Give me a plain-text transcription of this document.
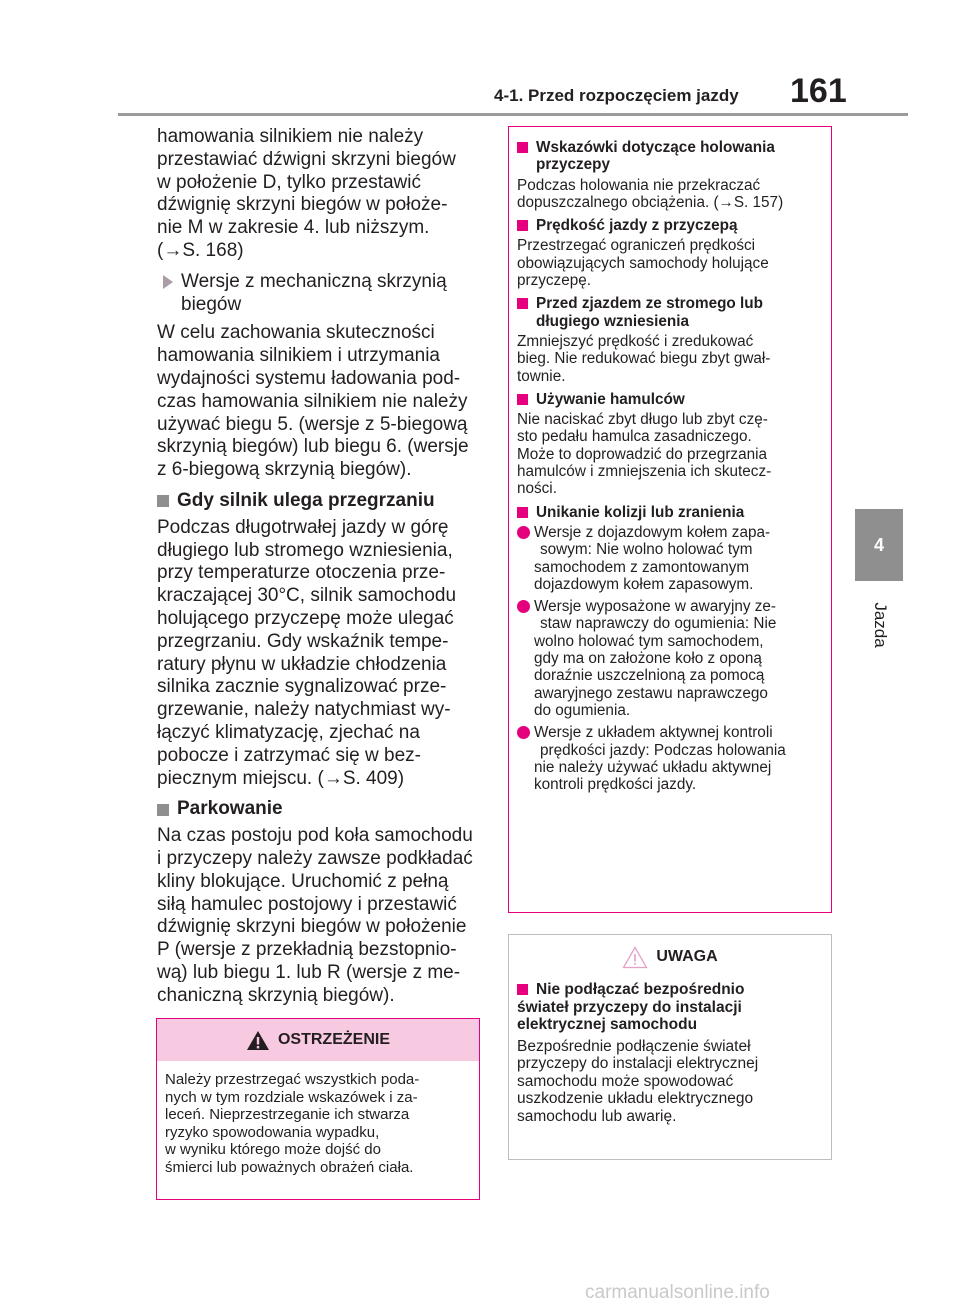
4-1. Przed rozpoczęciem jazdy 161
4
Jazda

hamowania silnikiem nie należy
przestawiać dźwigni skrzyni biegów
w położenie D, tylko przestawić
dźwignię skrzyni biegów w położe-
nie M w zakresie 4. lub niższym.
(→S. 168)

Wersje z mechaniczną skrzynią
biegów

W celu zachowania skuteczności
hamowania silnikiem i utrzymania
wydajności systemu ładowania pod-
czas hamowania silnikiem nie należy
używać biegu 5. (wersje z 5-biegową
skrzynią biegów) lub biegu 6. (wersje
z 6-biegową skrzynią biegów).

Gdy silnik ulega przegrzaniu

Podczas długotrwałej jazdy w górę
długiego lub stromego wzniesienia,
przy temperaturze otoczenia prze-
kraczającej 30°C, silnik samochodu
holującego przyczepę może ulegać
przegrzaniu. Gdy wskaźnik tempe-
ratury płynu w układzie chłodzenia
silnika zacznie sygnalizować prze-
grzewanie, należy natychmiast wy-
łączyć klimatyzację, zjechać na
pobocze i zatrzymać się w bez-
piecznym miejscu. (→S. 409)

Parkowanie

Na czas postoju pod koła samochodu
i przyczepy należy zawsze podkładać
kliny blokujące. Uruchomić z pełną
siłą hamulec postojowy i przestawić
dźwignię skrzyni biegów w położenie
P (wersje z przekładnią bezstopnio-
wą) lub biegu 1. lub R (wersje z me-
chaniczną skrzynią biegów).

OSTRZEŻENIE
Należy przestrzegać wszystkich poda-
nych w tym rozdziale wskazówek i za-
leceń. Nieprzestrzeganie ich stwarza
ryzyko spowodowania wypadku,
w wyniku którego może dojść do
śmierci lub poważnych obrażeń ciała.
Wskazówki dotyczące holowania
przyczepy

Podczas holowania nie przekraczać
dopuszczalnego obciążenia. (→S. 157)

Prędkość jazdy z przyczepą

Przestrzegać ograniczeń prędkości
obowiązujących samochody holujące
przyczepę.

Przed zjazdem ze stromego lub
długiego wzniesienia

Zmniejszyć prędkość i zredukować
bieg. Nie redukować biegu zbyt gwał-
townie.

Używanie hamulców

Nie naciskać zbyt długo lub zbyt czę-
sto pedału hamulca zasadniczego.
Może to doprowadzić do przegrzania
hamulców i zmniejszenia ich skutecz-
ności.

Unikanie kolizji lub zranienia
Wersje z dojazdowym kołem zapa-
sowym: Nie wolno holować tym
samochodem z zamontowanym
dojazdowym kołem zapasowym.
Wersje wyposażone w awaryjny ze-
staw naprawczy do ogumienia: Nie
wolno holować tym samochodem,
gdy ma on założone koło z oponą
doraźnie uszczelnioną za pomocą
awaryjnego zestawu naprawczego
do ogumienia.
Wersje z układem aktywnej kontroli
prędkości jazdy: Podczas holowania
nie należy używać układu aktywnej
kontroli prędkości jazdy.
UWAGA
Nie podłączać bezpośrednio
świateł przyczepy do instalacji
elektrycznej samochodu

Bezpośrednie podłączenie świateł
przyczepy do instalacji elektrycznej
samochodu może spowodować
uszkodzenie układu elektrycznego
samochodu lub awarię.

carmanualsonline.info
